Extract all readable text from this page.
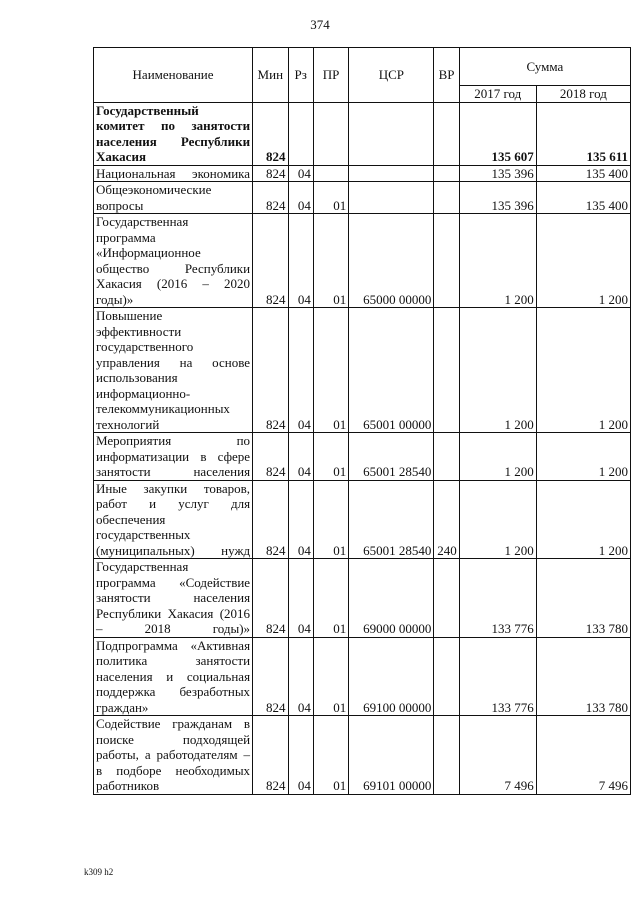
374
Наименование	Мин	Рз	ПР	ЦСР	ВР	Сумма	
						2017 год	2018 год
Государственный комитет по занятости населения Республики Хакасия	824					135 607	135 611
Национальная экономика	824	04				135 396	135 400
Общеэкономические вопросы	824	04	01			135 396	135 400
Государственная программа «Информационное общество Республики Хакасия (2016 – 2020 годы)»	824	04	01	65000 00000		1 200	1 200
Повышение эффективности государственного управления на основе использования информационно-телекоммуникационных технологий	824	04	01	65001 00000		1 200	1 200
Мероприятия по информатизации в сфере занятости населения	824	04	01	65001 28540		1 200	1 200
Иные закупки товаров, работ и услуг для обеспечения государственных (муниципальных) нужд	824	04	01	65001 28540	240	1 200	1 200
Государственная программа «Содействие занятости населения Республики Хакасия (2016 – 2018 годы)»	824	04	01	69000 00000		133 776	133 780
Подпрограмма «Активная политика занятости населения и социальная поддержка безработных граждан»	824	04	01	69100 00000		133 776	133 780
Содействие гражданам в поиске подходящей работы, а работодателям – в подборе необходимых работников	824	04	01	69101 00000		7 496	7 496
k309 h2
